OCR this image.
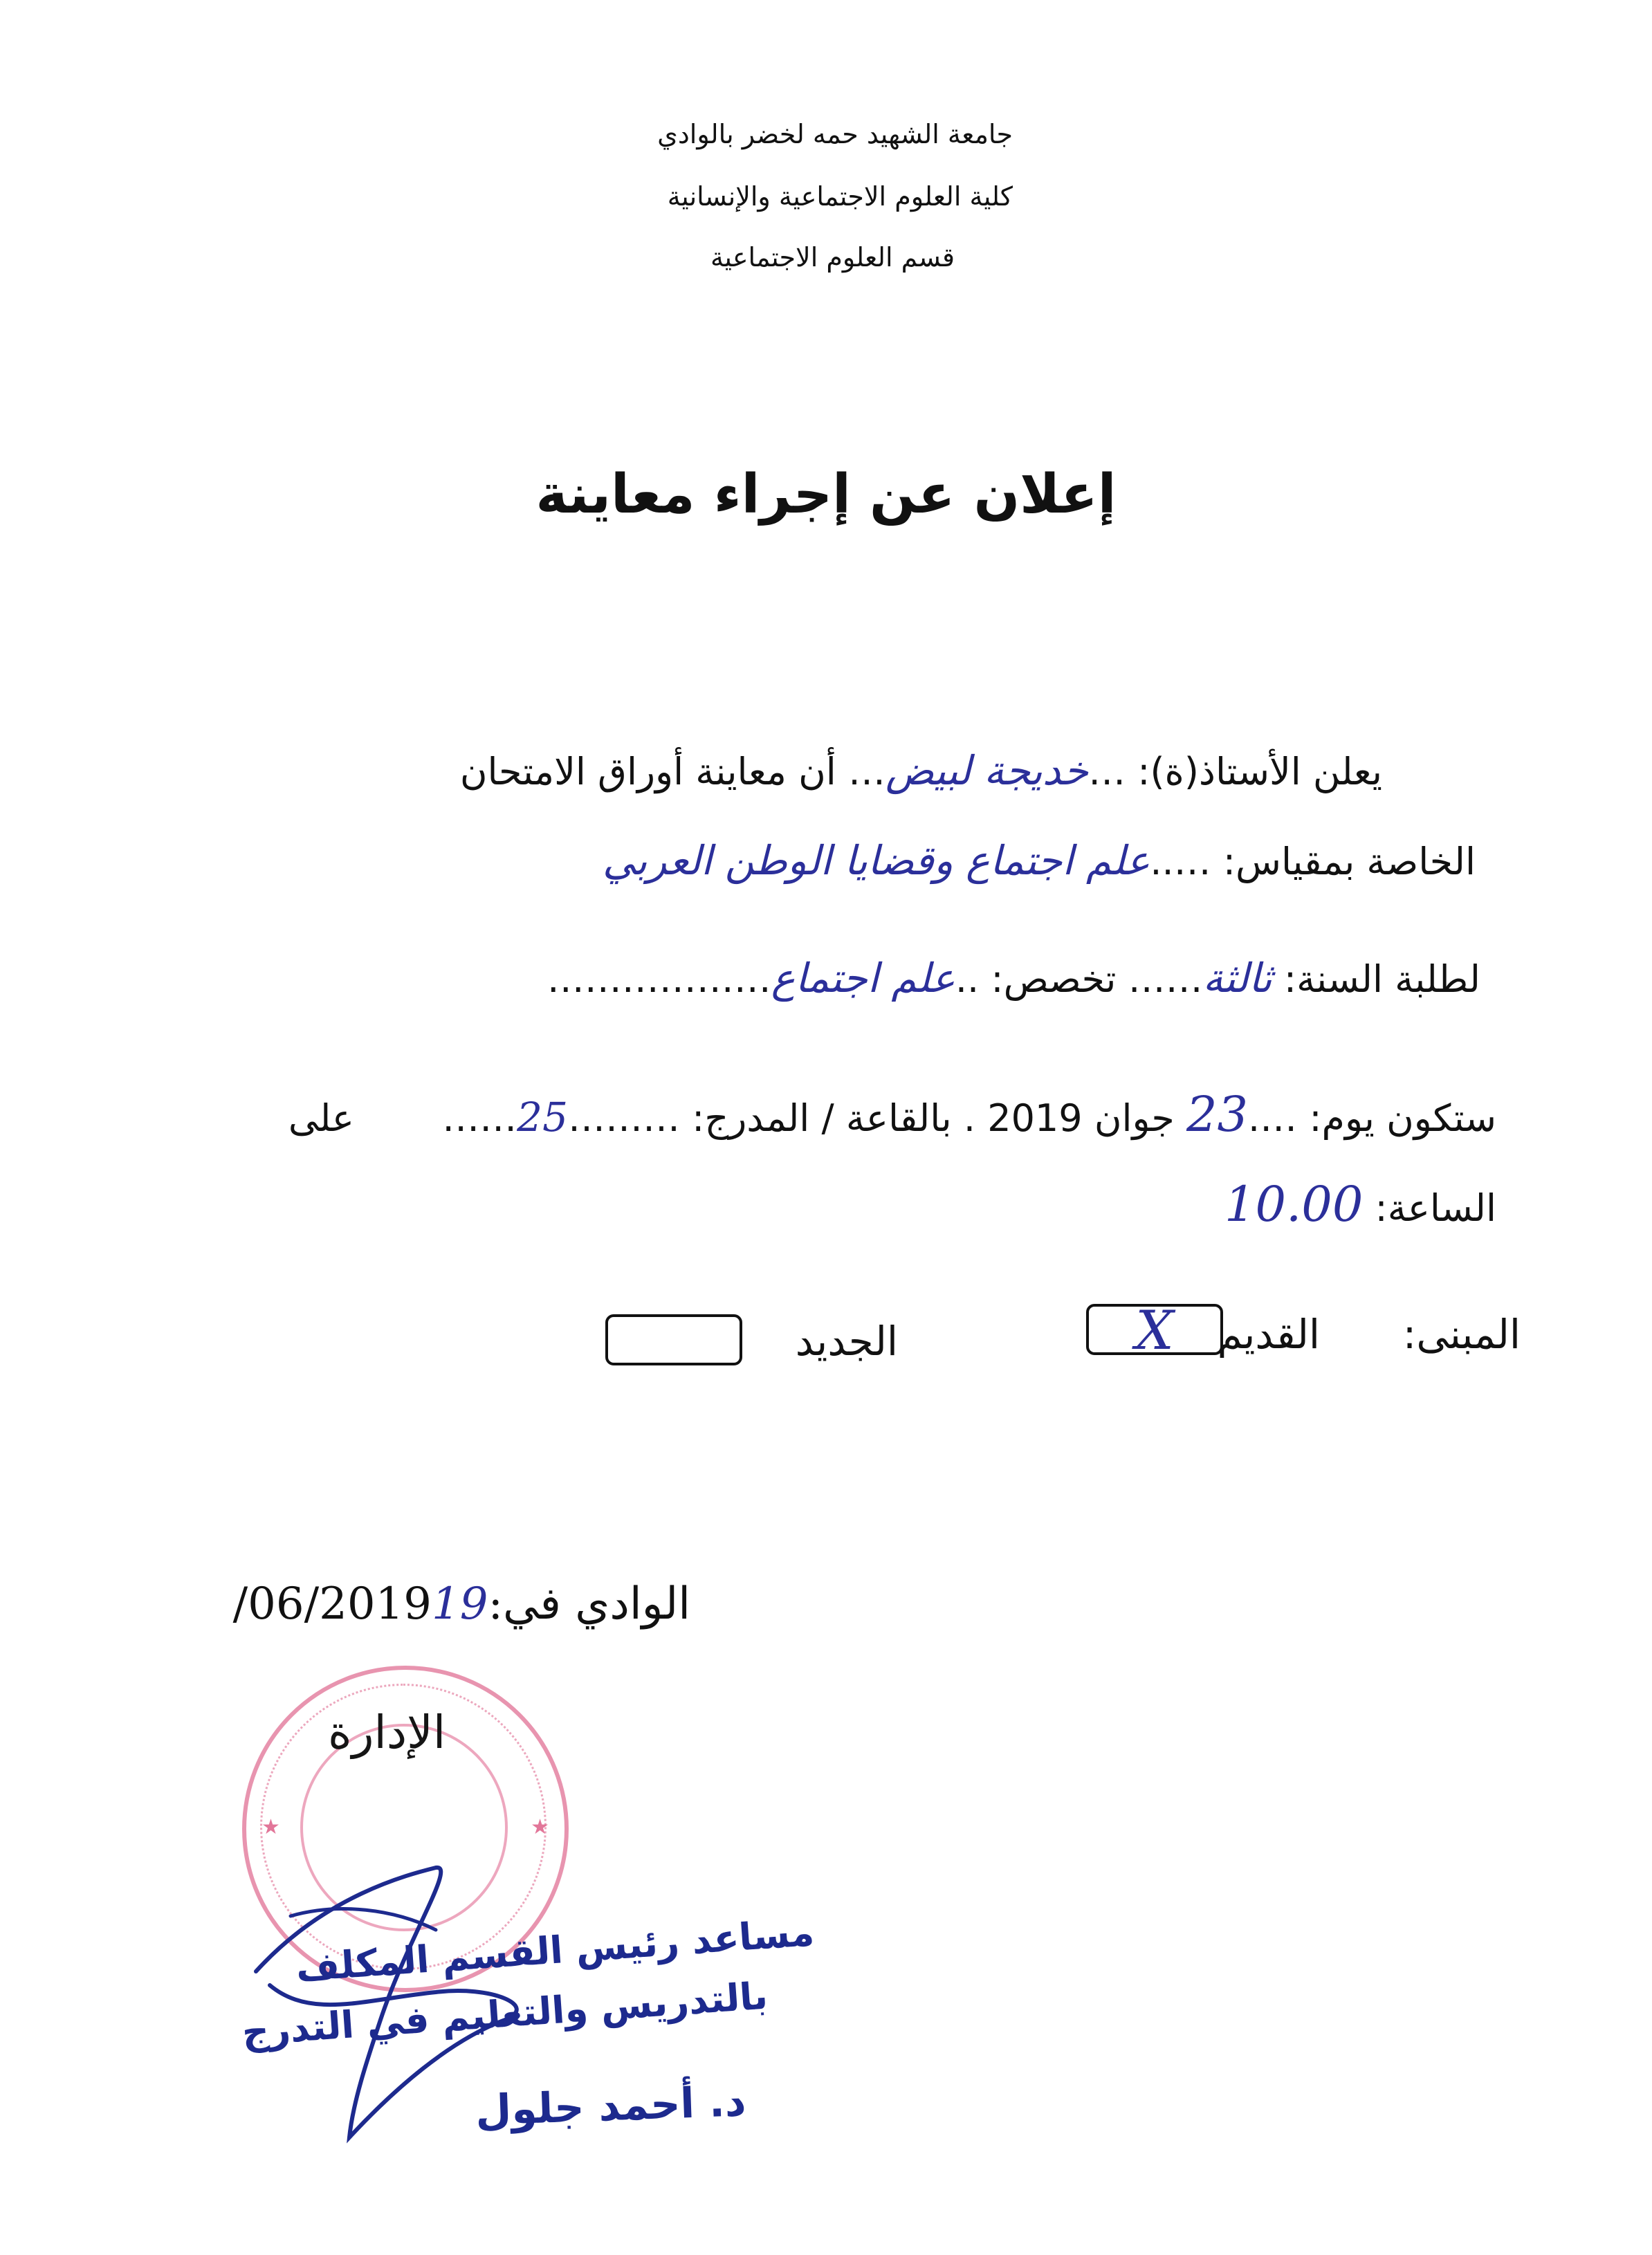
جامعة الشهيد حمه لخضر بالوادي
كلية العلوم الاجتماعية والإنسانية
قسم العلوم الاجتماعية
إعلان عن إجراء معاينة
يعلن الأستاذ(ة): …خديجة لبيض… أن معاينة أوراق الامتحان
الخاصة بمقياس: …..علم اجتماع وقضايا الوطن العربي
لطلبة السنة: ثالثة…… تخصص: ..علم اجتماع………………
ستكون يوم: ….23 جوان 2019 . بالقاعة / المدرج: ………25…… على
الساعة: 10.00
المبنى:
القديم
X
الجديد
الوادي في:19/06/2019
★	★
الإدارة
مساعد رئيس القسم المكلف
بالتدريس والتعليم في التدرج
د. أحمد جلول
